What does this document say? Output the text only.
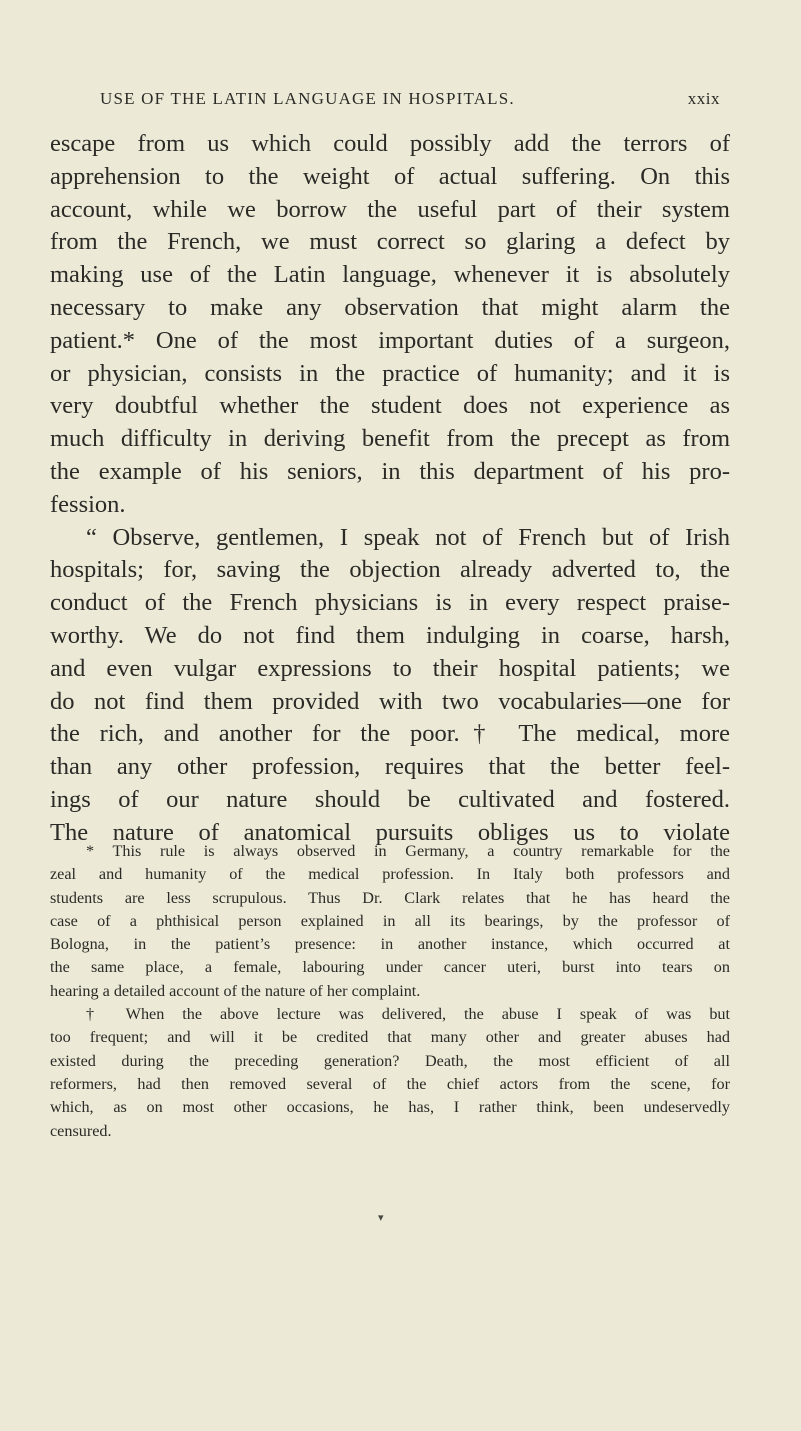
USE OF THE LATIN LANGUAGE IN HOSPITALS.	xxix
escape from us which could possibly add the terrors of
apprehension to the weight of actual suffering. On this
account, while we borrow the useful part of their system
from the French, we must correct so glaring a defect by
making use of the Latin language, whenever it is absolutely
necessary to make any observation that might alarm the
patient.* One of the most important duties of a surgeon,
or physician, consists in the practice of humanity; and it is
very doubtful whether the student does not experience as
much difficulty in deriving benefit from the precept as from
the example of his seniors, in this department of his pro-
fession.
“ Observe, gentlemen, I speak not of French but of Irish
hospitals; for, saving the objection already adverted to, the
conduct of the French physicians is in every respect praise-
worthy. We do not find them indulging in coarse, harsh,
and even vulgar expressions to their hospital patients; we
do not find them provided with two vocabularies—one for
the rich, and another for the poor.† The medical, more
than any other profession, requires that the better feel-
ings of our nature should be cultivated and fostered.
The nature of anatomical pursuits obliges us to violate
* This rule is always observed in Germany, a country remarkable for the
zeal and humanity of the medical profession. In Italy both professors and
students are less scrupulous. Thus Dr. Clark relates that he has heard the
case of a phthisical person explained in all its bearings, by the professor of
Bologna, in the patient’s presence: in another instance, which occurred at
the same place, a female, labouring under cancer uteri, burst into tears on
hearing a detailed account of the nature of her complaint.
† When the above lecture was delivered, the abuse I speak of was but
too frequent; and will it be credited that many other and greater abuses had
existed during the preceding generation? Death, the most efficient of all
reformers, had then removed several of the chief actors from the scene, for
which, as on most other occasions, he has, I rather think, been undeservedly
censured.
▾
